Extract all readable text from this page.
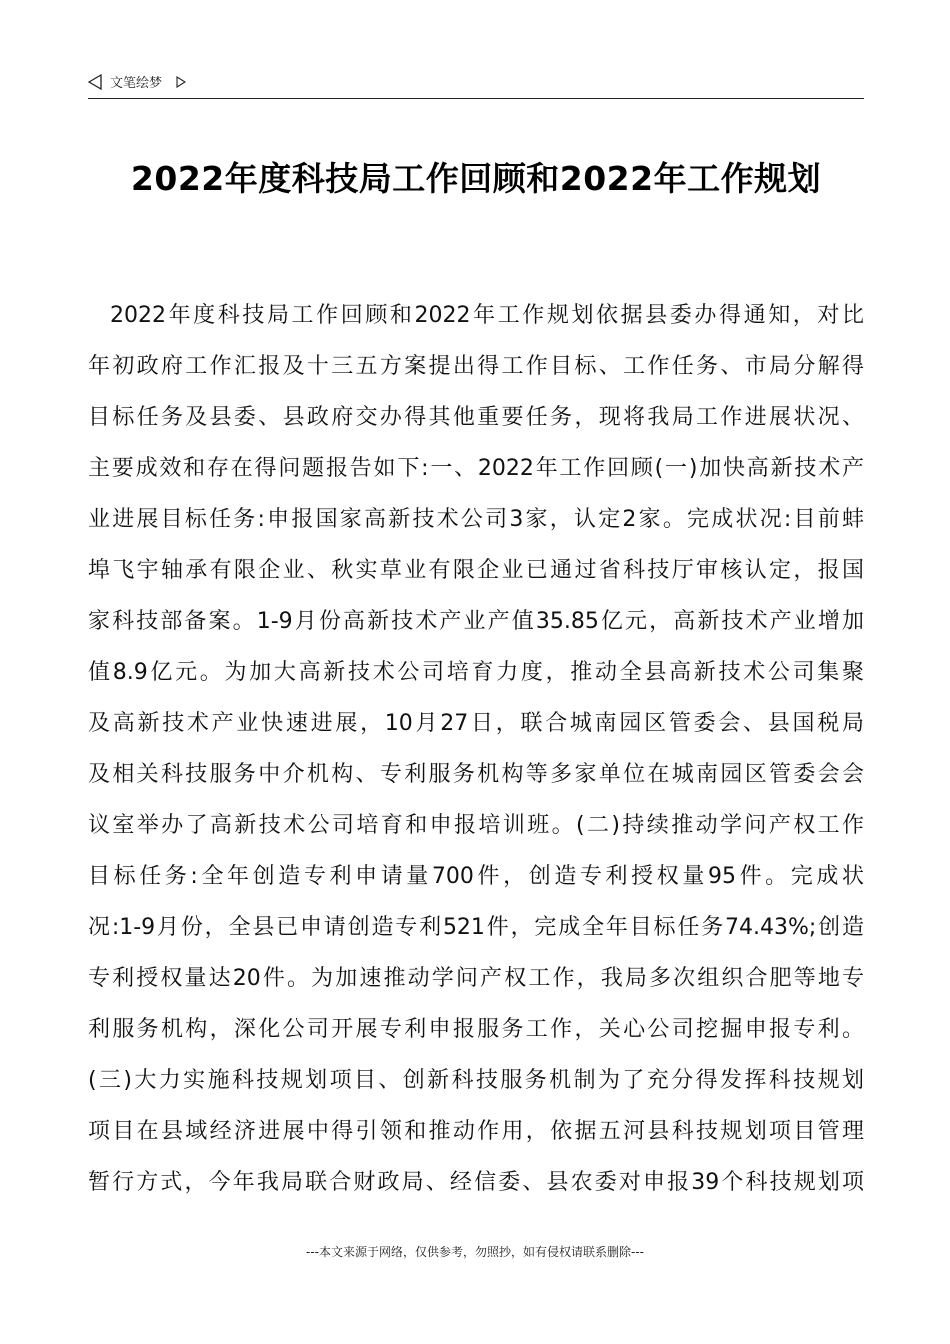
文笔绘梦
2022年度科技局工作回顾和2022年工作规划
2022年度科技局工作回顾和2022年工作规划依据县委办得通知，对比
年初政府工作汇报及十三五方案提出得工作目标、工作任务、市局分解得
目标任务及县委、县政府交办得其他重要任务，现将我局工作进展状况、
主要成效和存在得问题报告如下:一、2022年工作回顾(一)加快高新技术产
业进展目标任务:申报国家高新技术公司3家，认定2家。完成状况:目前蚌
埠飞宇轴承有限企业、秋实草业有限企业已通过省科技厅审核认定，报国
家科技部备案。1-9月份高新技术产业产值35.85亿元，高新技术产业增加
值8.9亿元。为加大高新技术公司培育力度，推动全县高新技术公司集聚
及高新技术产业快速进展，10月27日，联合城南园区管委会、县国税局
及相关科技服务中介机构、专利服务机构等多家单位在城南园区管委会会
议室举办了高新技术公司培育和申报培训班。(二)持续推动学问产权工作
目标任务:全年创造专利申请量700件，创造专利授权量95件。完成状
况:1-9月份，全县已申请创造专利521件，完成全年目标任务74.43%;创造
专利授权量达20件。为加速推动学问产权工作，我局多次组织合肥等地专
利服务机构，深化公司开展专利申报服务工作，关心公司挖掘申报专利。
(三)大力实施科技规划项目、创新科技服务机制为了充分得发挥科技规划
项目在县域经济进展中得引领和推动作用，依据五河县科技规划项目管理
暂行方式，今年我局联合财政局、经信委、县农委对申报39个科技规划项
---本文来源于网络，仅供参考，勿照抄，如有侵权请联系删除---
